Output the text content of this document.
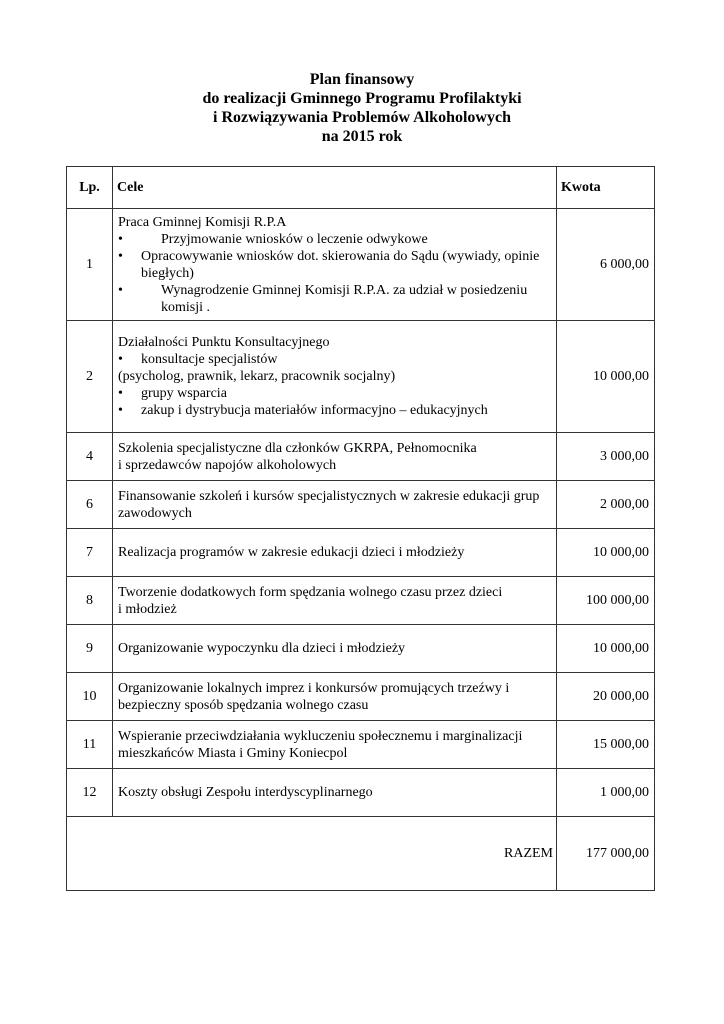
Plan finansowy
do realizacji Gminnego Programu Profilaktyki
i Rozwiązywania Problemów Alkoholowych
na 2015 rok
Lp.	Cele	Kwota
1	Praca Gminnej Komisji R.P.A
• Przyjmowanie wniosków o leczenie odwykowe
• Opracowywanie wniosków dot. skierowania do Sądu (wywiady, opinie biegłych)
• Wynagrodzenie Gminnej Komisji R.P.A. za udział w posiedzeniu komisji .	6 000,00
2	Działalności Punktu Konsultacyjnego
• konsultacje specjalistów
(psycholog, prawnik, lekarz, pracownik socjalny)
• grupy wsparcia
• zakup i dystrybucja materiałów informacyjno – edukacyjnych	10 000,00
4	Szkolenia specjalistyczne dla członków GKRPA, Pełnomocnika
i sprzedawców napojów alkoholowych	3 000,00
6	Finansowanie szkoleń i kursów specjalistycznych w zakresie edukacji grup zawodowych	2 000,00
7	Realizacja programów w zakresie edukacji dzieci i młodzieży	10 000,00
8	Tworzenie dodatkowych form spędzania wolnego czasu przez dzieci
i młodzież	100 000,00
9	Organizowanie wypoczynku dla dzieci i młodzieży	10 000,00
10	Organizowanie lokalnych imprez i konkursów promujących trzeźwy i bezpieczny sposób spędzania wolnego czasu	20 000,00
11	Wspieranie przeciwdziałania wykluczeniu społecznemu i marginalizacji mieszkańców Miasta i Gminy Koniecpol	15 000,00
12	Koszty obsługi Zespołu interdyscyplinarnego	1 000,00
RAZEM		177 000,00
